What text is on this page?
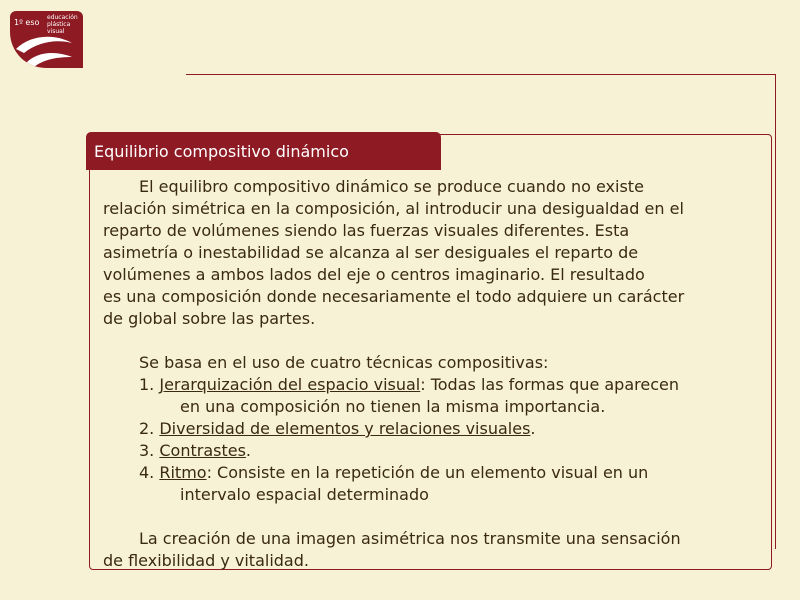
1º eso
educación
plástica
visual
Equilibrio compositivo dinámico
El equilibro compositivo dinámico se produce cuando no existe
relación simétrica en la composición, al introducir una desigualdad en el
reparto de volúmenes siendo las fuerzas visuales diferentes. Esta
asimetría o inestabilidad se alcanza al ser desiguales el reparto de
volúmenes a ambos lados del eje o centros imaginario. El resultado
es una composición donde necesariamente el todo adquiere un carácter
de global sobre las partes.
Se basa en el uso de cuatro técnicas compositivas:
1. Jerarquización del espacio visual: Todas las formas que aparecen
en una composición no tienen la misma importancia.
2. Diversidad de elementos y relaciones visuales.
3. Contrastes.
4. Ritmo: Consiste en la repetición de un elemento visual en un
intervalo espacial determinado
La creación de una imagen asimétrica nos transmite una sensación
de flexibilidad y vitalidad.
